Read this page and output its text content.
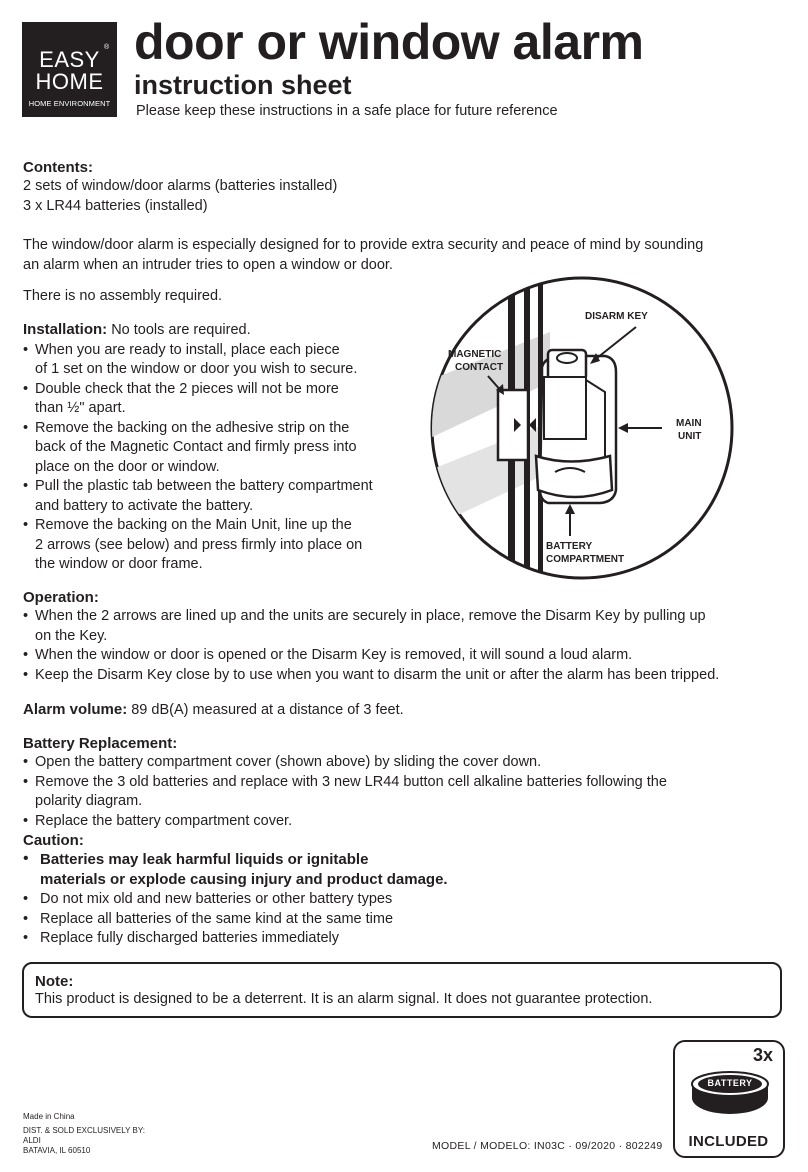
EASY
HOME
®
HOME ENVIRONMENT
door or window alarm
instruction sheet
Please keep these instructions in a safe place for future reference
Contents:
2 sets of window/door alarms (batteries installed)
3 x LR44 batteries (installed)
The window/door alarm is especially designed for to provide extra security and peace of mind by sounding
an alarm when an intruder tries to open a window or door.
There is no assembly required.
Installation: No tools are required.
• When you are ready to install, place each piece
of 1 set on the window or door you wish to secure.
• Double check that the 2 pieces will not be more
than ½" apart.
• Remove the backing on the adhesive strip on the
back of the Magnetic Contact and firmly press into
place on the door or window.
• Pull the plastic tab between the battery compartment
and battery to activate the battery.
• Remove the backing on the Main Unit, line up the
2 arrows (see below) and press firmly into place on
the window or door frame.
DISARM KEY
MAGNETIC
CONTACT
MAIN
UNIT
BATTERY
COMPARTMENT
Operation:
• When the 2 arrows are lined up and the units are securely in place, remove the Disarm Key by pulling up
on the Key.
• When the window or door is opened or the Disarm Key is removed, it will sound a loud alarm.
• Keep the Disarm Key close by to use when you want to disarm the unit or after the alarm has been tripped.
Alarm volume: 89 dB(A) measured at a distance of 3 feet.
Battery Replacement:
• Open the battery compartment cover (shown above) by sliding the cover down.
• Remove the 3 old batteries and replace with 3 new LR44 button cell alkaline batteries following the
polarity diagram.
• Replace the battery compartment cover.
Caution:
• Batteries may leak harmful liquids or ignitable
materials or explode causing injury and product damage.
• Do not mix old and new batteries or other battery types
• Replace all batteries of the same kind at the same time
• Replace fully discharged batteries immediately
Note:
This product is designed to be a deterrent. It is an alarm signal. It does not guarantee protection.
3x
BATTERY
INCLUDED
Made in China
DIST. & SOLD EXCLUSIVELY BY:
ALDI
BATAVIA, IL 60510	MODEL / MODELO: IN03C · 09/2020 · 802249
